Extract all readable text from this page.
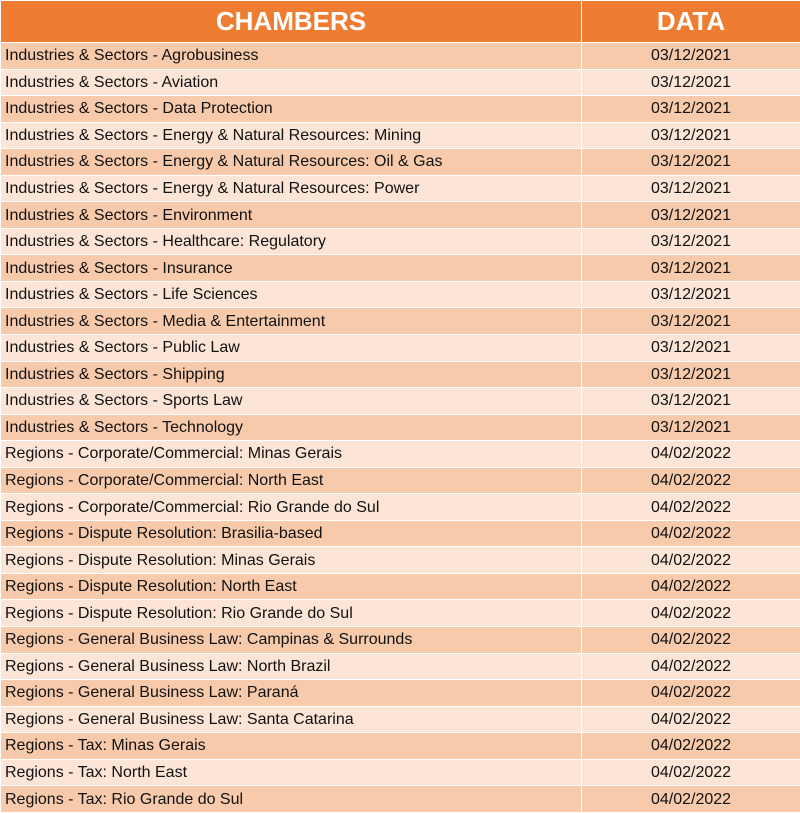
CHAMBERS	DATA
Industries & Sectors - Agrobusiness	03/12/2021
Industries & Sectors - Aviation	03/12/2021
Industries & Sectors - Data Protection	03/12/2021
Industries & Sectors - Energy & Natural Resources: Mining	03/12/2021
Industries & Sectors - Energy & Natural Resources: Oil & Gas	03/12/2021
Industries & Sectors - Energy & Natural Resources: Power	03/12/2021
Industries & Sectors - Environment	03/12/2021
Industries & Sectors - Healthcare: Regulatory	03/12/2021
Industries & Sectors - Insurance	03/12/2021
Industries & Sectors - Life Sciences	03/12/2021
Industries & Sectors - Media & Entertainment	03/12/2021
Industries & Sectors - Public Law	03/12/2021
Industries & Sectors - Shipping	03/12/2021
Industries & Sectors - Sports Law	03/12/2021
Industries & Sectors - Technology	03/12/2021
Regions - Corporate/Commercial: Minas Gerais	04/02/2022
Regions - Corporate/Commercial: North East	04/02/2022
Regions - Corporate/Commercial: Rio Grande do Sul	04/02/2022
Regions - Dispute Resolution: Brasilia-based	04/02/2022
Regions - Dispute Resolution: Minas Gerais	04/02/2022
Regions - Dispute Resolution: North East	04/02/2022
Regions - Dispute Resolution: Rio Grande do Sul	04/02/2022
Regions - General Business Law: Campinas & Surrounds	04/02/2022
Regions - General Business Law: North Brazil	04/02/2022
Regions - General Business Law: Paraná	04/02/2022
Regions - General Business Law: Santa Catarina	04/02/2022
Regions - Tax: Minas Gerais	04/02/2022
Regions - Tax: North East	04/02/2022
Regions - Tax: Rio Grande do Sul	04/02/2022
